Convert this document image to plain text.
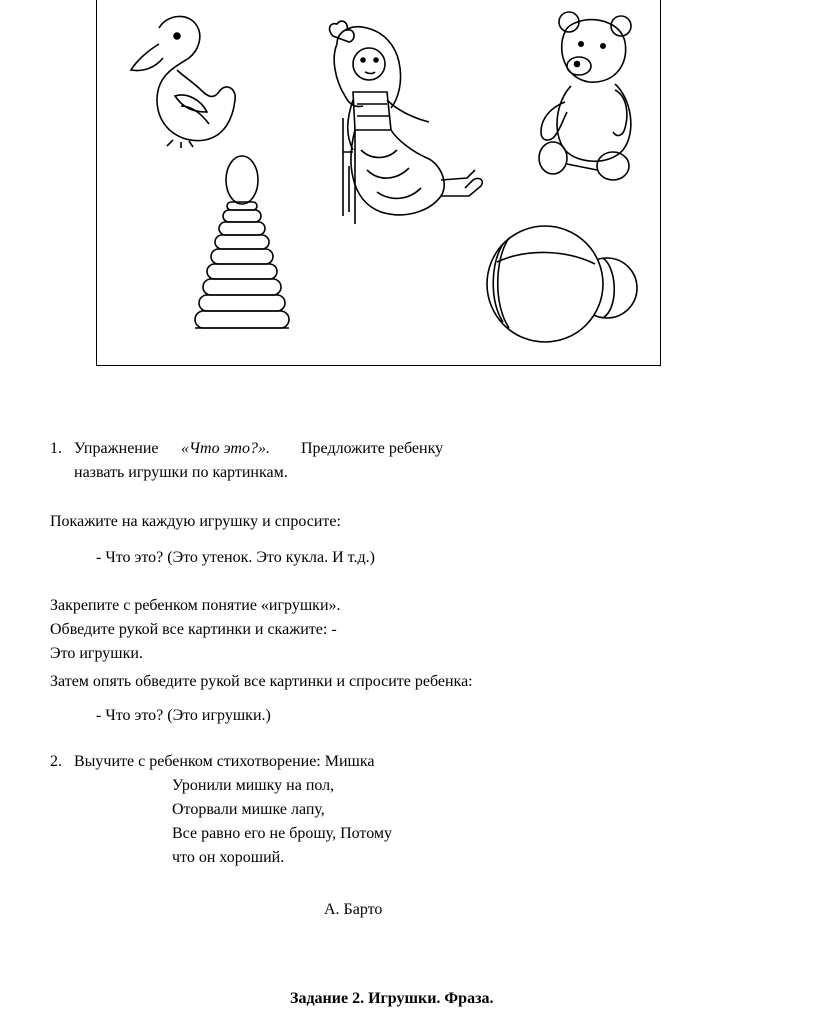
1. Упражнение «Что это?». Предложите ребенку
назвать игрушки по картинкам.
Покажите на каждую игрушку и спросите:
- Что это? (Это утенок. Это кукла. И т.д.)
Закрепите с ребенком понятие «игрушки».
Обведите рукой все картинки и скажите: -
Это игрушки.
Затем опять обведите рукой все картинки и спросите ребенка:
- Что это? (Это игрушки.)
2. Выучите с ребенком стихотворение: Мишка
Уронили мишку на пол,
Оторвали мишке лапу,
Все равно его не брошу, Потому
что он хороший.
А. Барто
Задание 2. Игрушки. Фраза.
